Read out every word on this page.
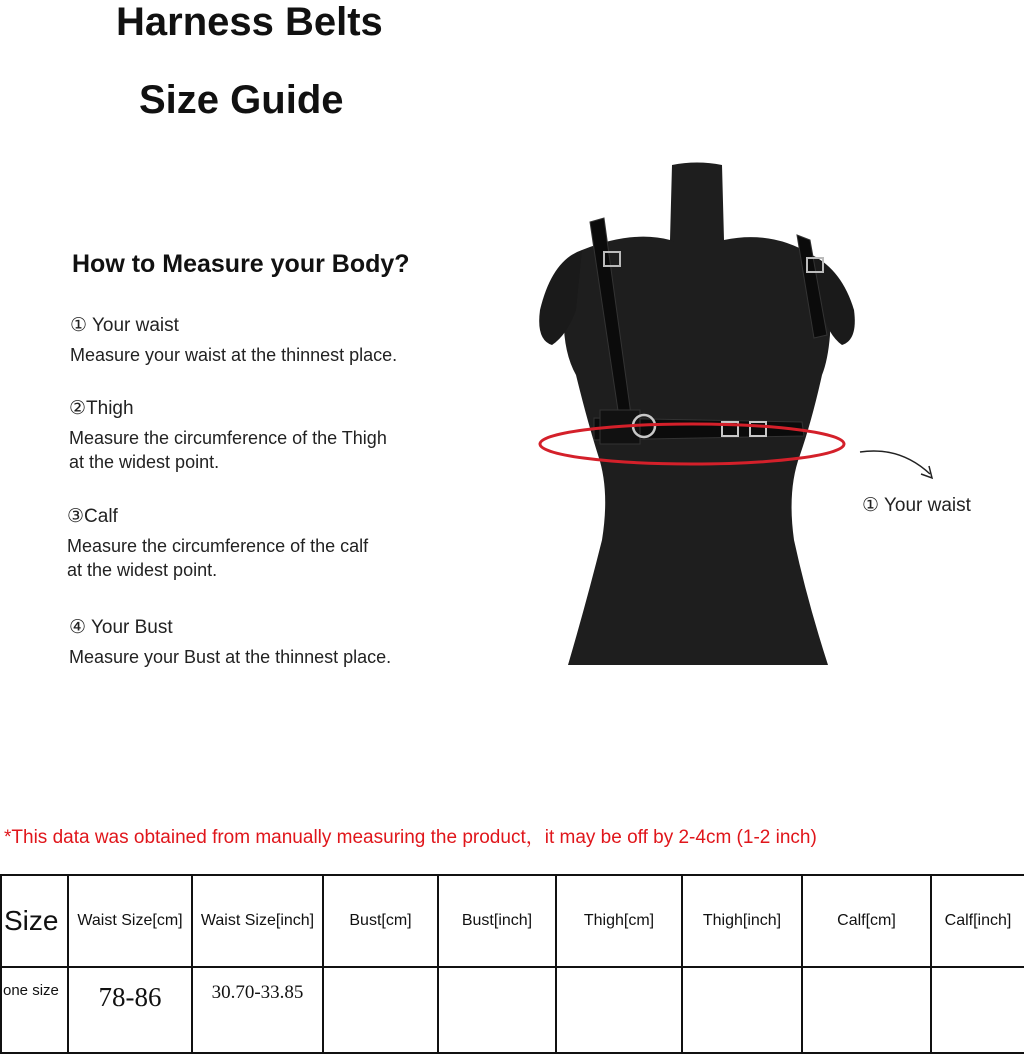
Harness Belts
Size Guide
How to Measure your Body?
① Your waist
Measure your waist at the thinnest place.
②Thigh
Measure the circumference of the Thigh
at the widest point.
③Calf
Measure the circumference of the calf
at the widest point.
④ Your Bust
Measure your Bust at the thinnest place.
① Your waist
*This data was obtained from manually measuring the product，it may be off by 2-4cm (1-2 inch)
Size	Waist Size[cm]	Waist Size[inch]	Bust[cm]	Bust[inch]	Thigh[cm]	Thigh[inch]	Calf[cm]	Calf[inch]
one size	78-86	30.70-33.85						
